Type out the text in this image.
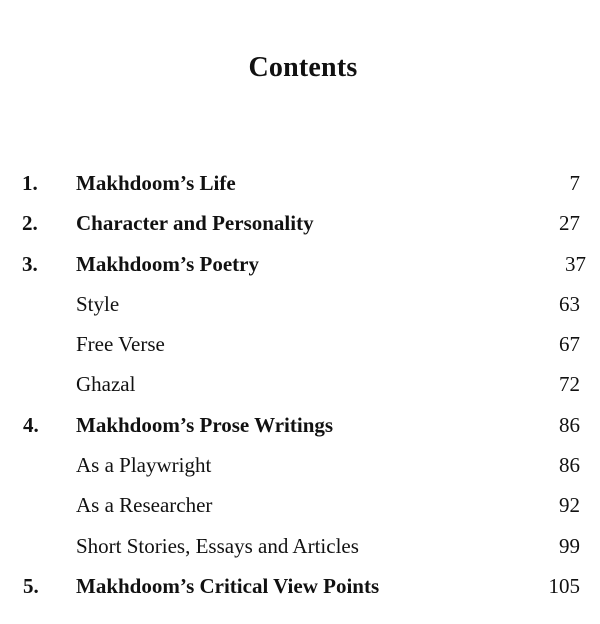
Contents
1. Makhdoom’s Life	7
2. Character and Personality	27
3. Makhdoom’s Poetry	37
Style	63
Free Verse	67
Ghazal	72
4. Makhdoom’s Prose Writings	86
As a Playwright	86
As a Researcher	92
Short Stories, Essays and Articles	99
5. Makhdoom’s Critical View Points	105
